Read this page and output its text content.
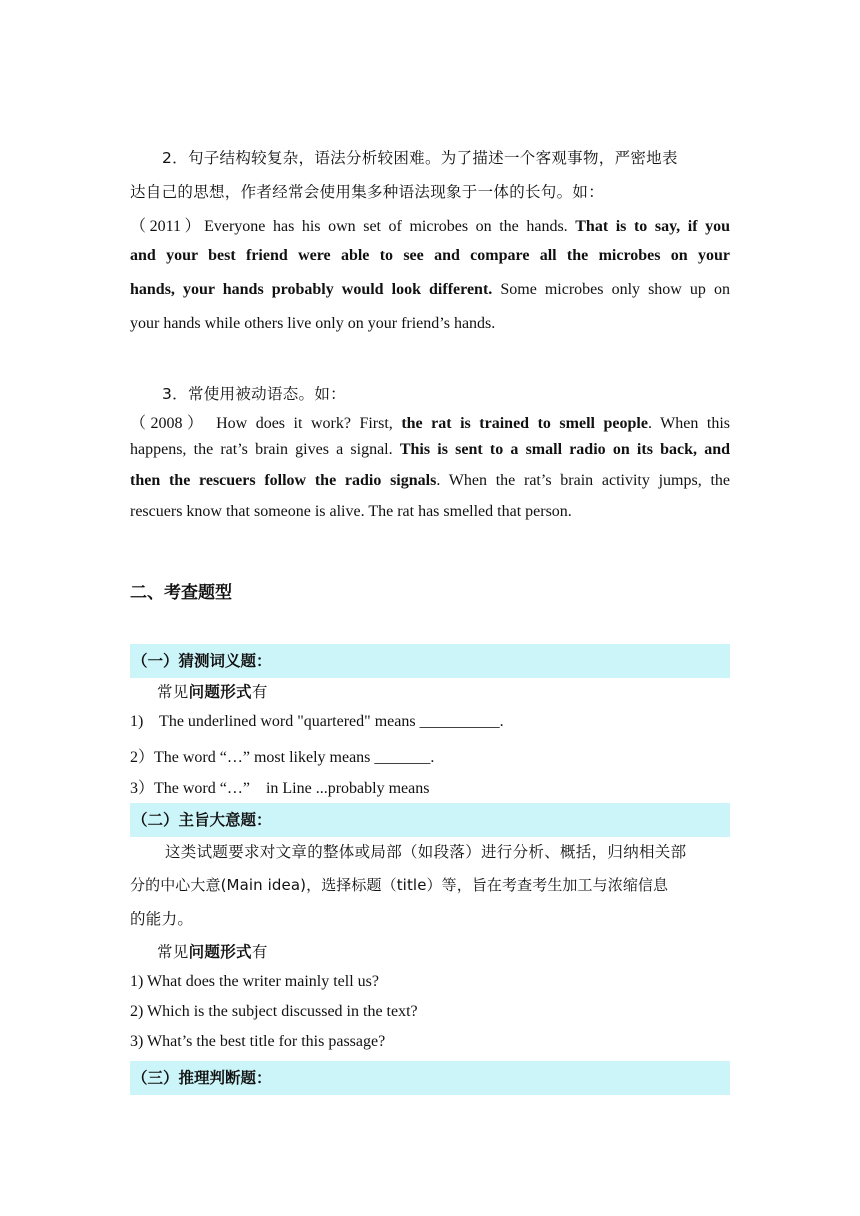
2．句子结构较复杂，语法分析较困难。为了描述一个客观事物，严密地表
达自己的思想，作者经常会使用集多种语法现象于一体的长句。如：
（2011）Everyone has his own set of microbes on the hands. That is to say, if you
and your best friend were able to see and compare all the microbes on your
hands, your hands probably would look different. Some microbes only show up on
your hands while others live only on your friend’s hands.
3．常使用被动语态。如：
（2008） How does it work? First, the rat is trained to smell people. When this
happens, the rat’s brain gives a signal. This is sent to a small radio on its back, and
then the rescuers follow the radio signals. When the rat’s brain activity jumps, the
rescuers know that someone is alive. The rat has smelled that person.
二、考查题型
（一）猜测词义题：
常见问题形式有
1)    The underlined word "quartered" means __________.
2）The word “…” most likely means _______.
3）The word “…”    in Line ...probably means
（二）主旨大意题：
这类试题要求对文章的整体或局部（如段落）进行分析、概括，归纳相关部
分的中心大意(Main idea)，选择标题（title）等，旨在考查考生加工与浓缩信息
的能力。
常见问题形式有
1) What does the writer mainly tell us?
2) Which is the subject discussed in the text?
3) What’s the best title for this passage?
（三）推理判断题：
